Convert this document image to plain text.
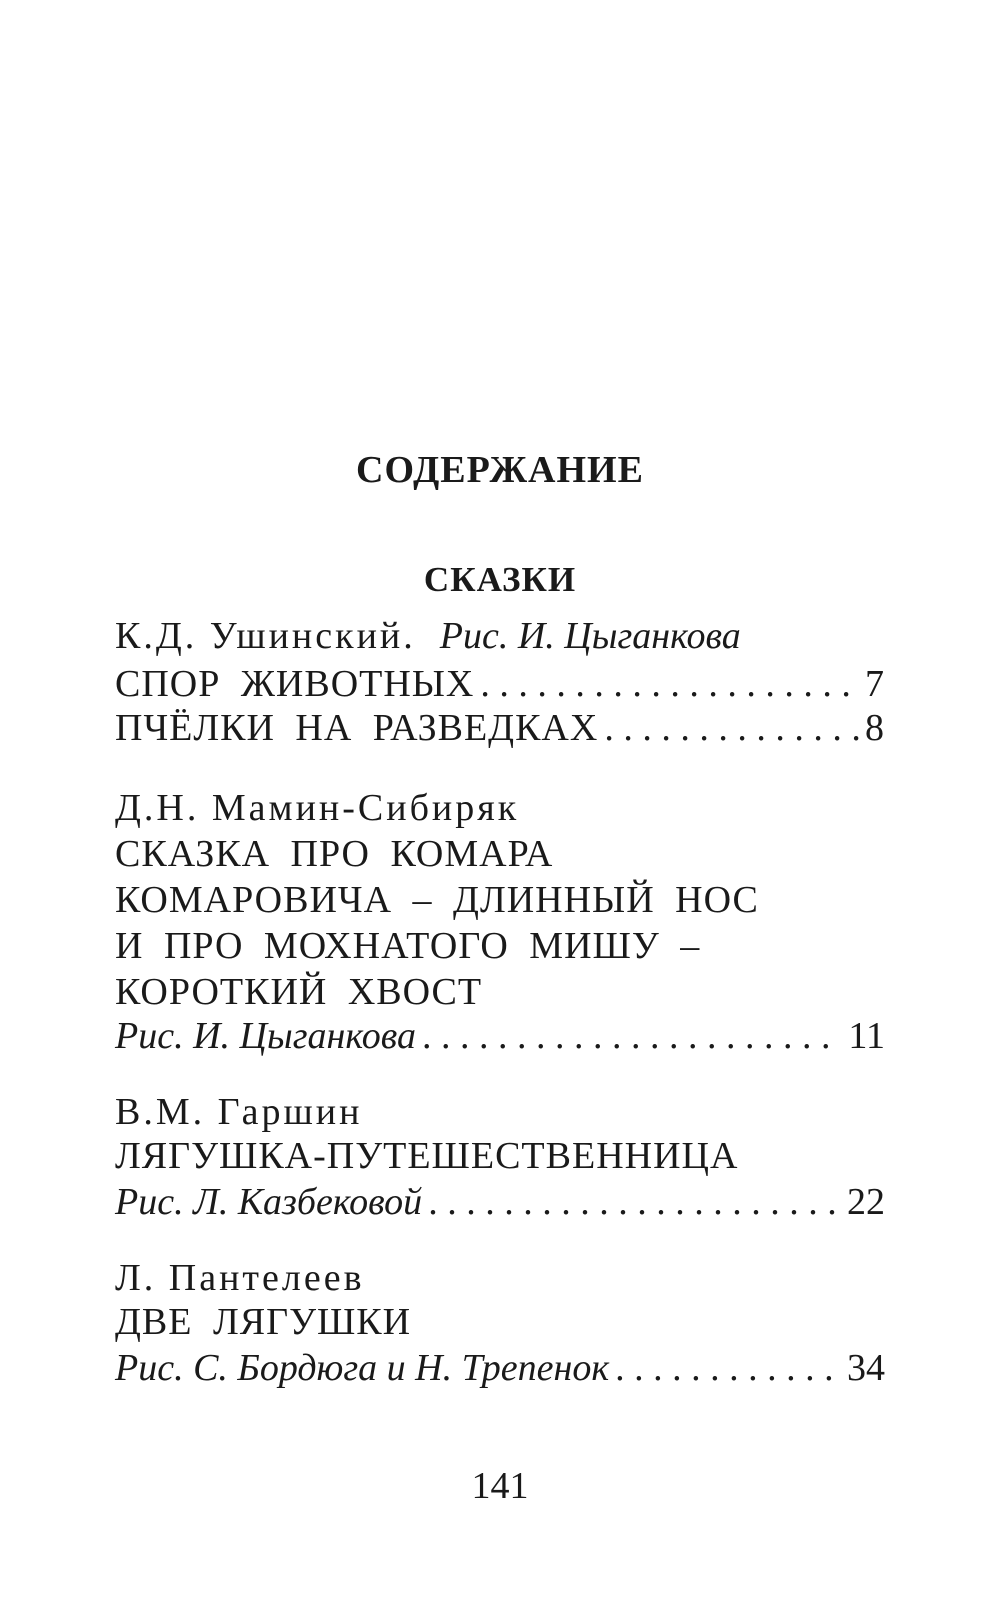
СОДЕРЖАНИЕ
СКАЗКИ
К.Д. Ушинский. Рис. И. Цыганкова
СПОР ЖИВОТНЫХ . . .	7
ПЧЁЛКИ НА РАЗВЕДКАХ . . .	8
Д.Н. Мамин-Сибиряк
СКАЗКА ПРО КОМАРА
КОМАРОВИЧА – ДЛИННЫЙ НОС
И ПРО МОХНАТОГО МИШУ –
КОРОТКИЙ ХВОСТ
Рис. И. Цыганкова . . .	11
В.М. Гаршин
ЛЯГУШКА-ПУТЕШЕСТВЕННИЦА
Рис. Л. Казбековой . . .	22
Л. Пантелеев
ДВЕ ЛЯГУШКИ
Рис. С. Бордюга и Н. Трепенок . . .	34
141
